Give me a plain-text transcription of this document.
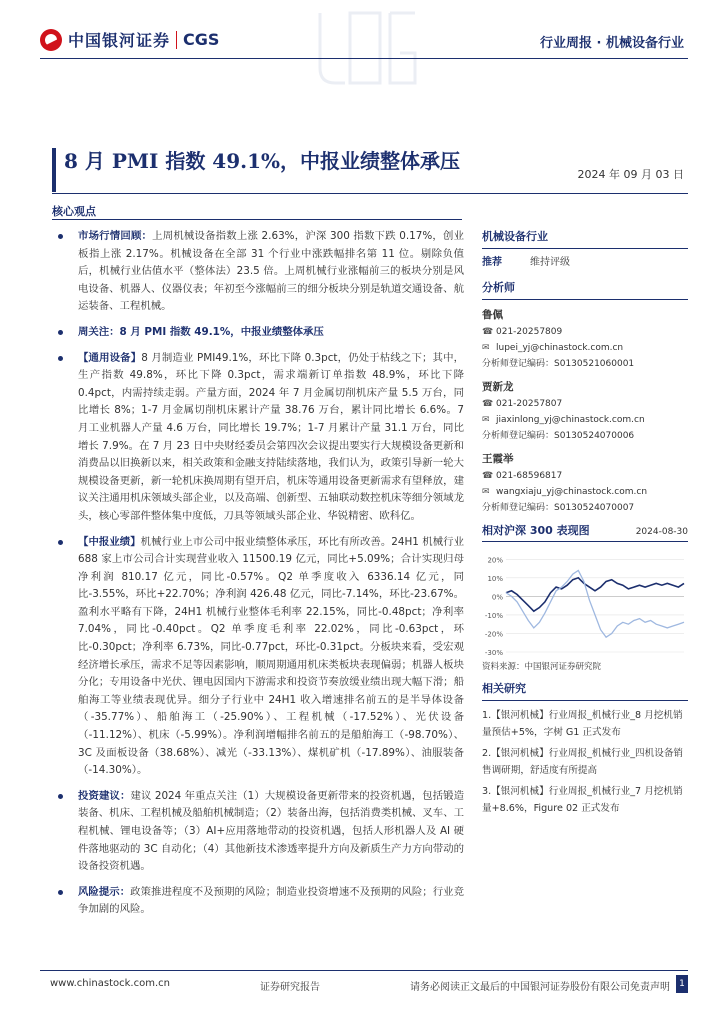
中国银河证券 CGS	行业周报 · 机械设备行业
8 月 PMI 指数 49.1%，中报业绩整体承压
2024 年 09 月 03 日
核心观点
市场行情回顾：上周机械设备指数上涨 2.63%，沪深 300 指数下跌 0.17%，创业板指上涨 2.17%。机械设备在全部 31 个行业中涨跌幅排名第 11 位。剔除负值后，机械行业估值水平（整体法）23.5 倍。上周机械行业涨幅前三的板块分别是风电设备、机器人、仪器仪表；年初至今涨幅前三的细分板块分别是轨道交通设备、航运装备、工程机械。
周关注：8 月 PMI 指数 49.1%，中报业绩整体承压
【通用设备】8 月制造业 PMI49.1%，环比下降 0.3pct，仍处于枯线之下；其中，生产指数 49.8%，环比下降 0.3pct，需求端新订单指数 48.9%，环比下降 0.4pct，内需持续走弱。产量方面，2024 年 7 月金属切削机床产量 5.5 万台，同比增长 8%；1-7 月金属切削机床累计产量 38.76 万台，累计同比增长 6.6%。7 月工业机器人产量 4.6 万台，同比增长 19.7%；1-7 月累计产量 31.1 万台，同比增长 7.9%。在 7 月 23 日中央财经委员会第四次会议提出要实行大规模设备更新和消费品以旧换新以来，相关政策和金融支持陆续落地，我们认为，政策引导新一轮大规模设备更新，新一轮机床换周期有望开启，机床等通用设备更新需求有望释放，建议关注通用机床领域头部企业，以及高端、创新型、五轴联动数控机床等细分领域龙头，核心零部件整体集中度低，刀具等领域头部企业、华锐精密、欧科亿。
【中报业绩】机械行业上市公司中报业绩整体承压，环比有所改善。24H1 机械行业 688 家上市公司合计实现营业收入 11500.19 亿元，同比+5.09%；合计实现归母净利润 810.17 亿元，同比-0.57%。Q2 单季度收入 6336.14 亿元，同比-3.55%，环比+22.70%；净利润 426.48 亿元，同比-7.14%，环比-23.67%。盈利水平略有下降，24H1 机械行业整体毛利率 22.15%，同比-0.48pct；净利率 7.04%，同比-0.40pct。Q2 单季度毛利率 22.02%，同比-0.63pct，环比-0.30pct；净利率 6.73%，同比-0.77pct，环比-0.31pct。分板块来看，受宏观经济增长承压，需求不足等因素影响，顺周期通用机床类板块表现偏弱；机器人板块分化；专用设备中光伏、锂电因国内下游需求和投资节奏放缓业绩出现大幅下滑；船舶海工等业绩表现优异。细分子行业中 24H1 收入增速排名前五的是半导体设备（-35.77%）、船舶海工（-25.90%）、工程机械（-17.52%）、光伏设备（-11.12%）、机床（-5.99%）。净利润增幅排名前五的是船舶海工（-98.70%）、3C 及面板设备（38.68%）、减光（-33.13%）、煤机矿机（-17.89%）、油服装备（-14.30%）。
投资建议：建议 2024 年重点关注（1）大规模设备更新带来的投资机遇，包括锻造装备、机床、工程机械及船舶机械制造；（2）装备出海，包括消费类机械、叉车、工程机械、锂电设备等；（3）AI+应用落地带动的投资机遇，包括人形机器人及 AI 硬件落地驱动的 3C 自动化；（4）其他新技术渗透率提升方向及新质生产力方向带动的设备投资机遇。
风险提示：政策推进程度不及预期的风险；制造业投资增速不及预期的风险；行业竞争加剧的风险。
机械设备行业
推荐	维持评级
分析师
鲁佩
☎ 021-20257809
✉ lupei_yj@chinastock.com.cn
分析师登记编码：S0130521060001
贾新龙
☎ 021-20257807
✉ jiaxinlong_yj@chinastock.com.cn
分析师登记编码：S0130524070006
王霞举
☎ 021-68596817
✉ wangxiaju_yj@chinastock.com.cn
分析师登记编码：S0130524070007
相对沪深 300 表现图	2024-08-30
20%
10%
0%
-10%
-20%
-30%
资料来源：中国银河证券研究院
相关研究
1.【银河机械】行业周报_机械行业_8 月挖机销量预估+5%，字树 G1 正式发布
2.【银河机械】行业周报_机械行业_四机设备销售调研期，舒适度有所提高
3.【银河机械】行业周报_机械行业_7 月挖机销量+8.6%，Figure 02 正式发布
www.chinastock.com.cn	证券研究报告	请务必阅读正文最后的中国银河证券股份有限公司免责声明	1
